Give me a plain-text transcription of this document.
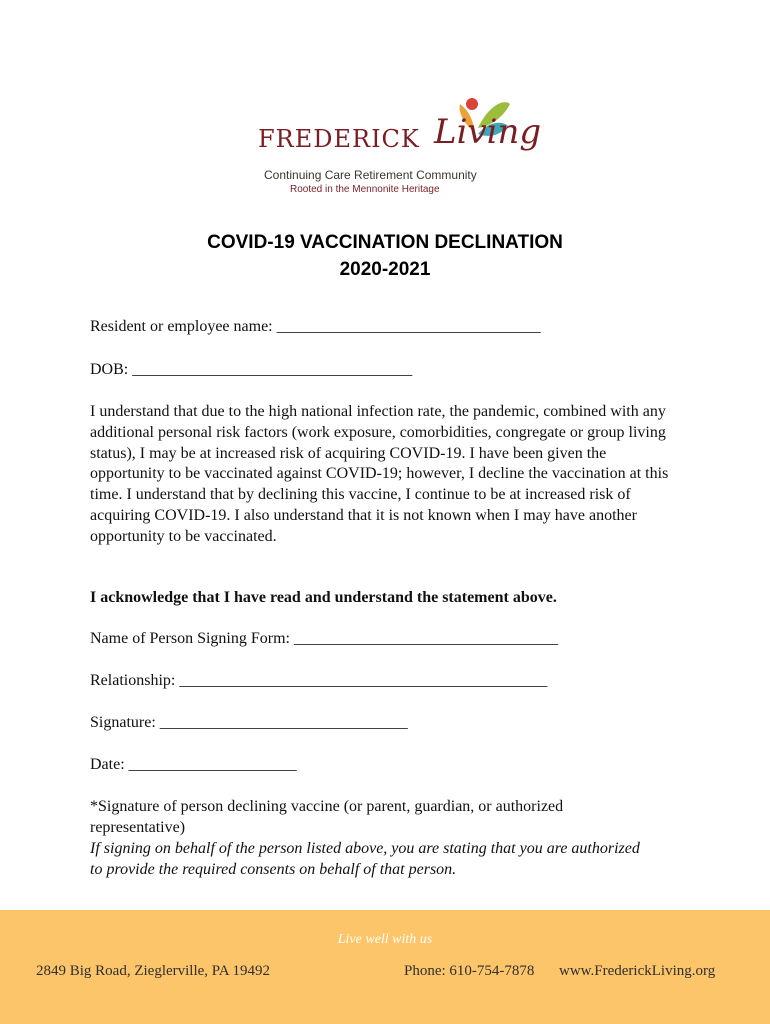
FREDERICK Living
Continuing Care Retirement Community
Rooted in the Mennonite Heritage
COVID-19 VACCINATION DECLINATION
2020-2021
Resident or employee name: _________________________________
DOB: ___________________________________
I understand that due to the high national infection rate, the pandemic, combined with any additional personal risk factors (work exposure, comorbidities, congregate or group living status), I may be at increased risk of acquiring COVID-19. I have been given the opportunity to be vaccinated against COVID-19; however, I decline the vaccination at this time. I understand that by declining this vaccine, I continue to be at increased risk of acquiring COVID-19. I also understand that it is not known when I may have another opportunity to be vaccinated.
I acknowledge that I have read and understand the statement above.
Name of Person Signing Form: _________________________________
Relationship: ______________________________________________
Signature: _______________________________
Date: _____________________
*Signature of person declining vaccine (or parent, guardian, or authorized representative)
If signing on behalf of the person listed above, you are stating that you are authorized to provide the required consents on behalf of that person.
Live well with us
2849 Big Road, Zieglerville, PA 19492	Phone: 610-754-7878 www.FrederickLiving.org
